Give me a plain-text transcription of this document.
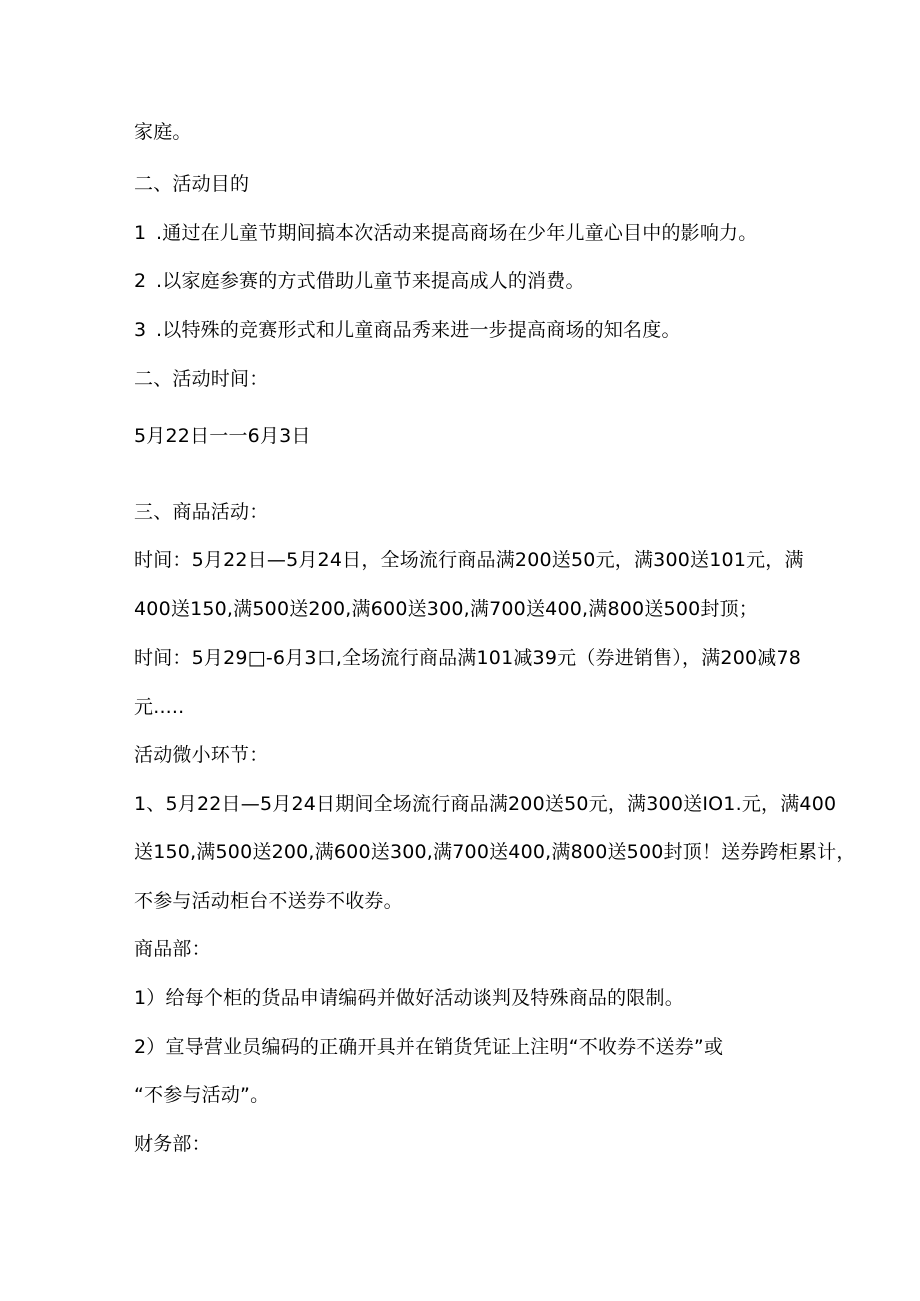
家庭。
二、活动目的
1 .通过在儿童节期间搞本次活动来提高商场在少年儿童心目中的影响力。
2 .以家庭参赛的方式借助儿童节来提高成人的消费。
3 .以特殊的竞赛形式和儿童商品秀来进一步提高商场的知名度。
二、活动时间：
5月22日一一6月3日
三、商品活动：
时间：5月22日—5月24日，全场流行商品满200送50元，满300送101元，满
400送150,满500送200,满600送300,满700送400,满800送500封顶；
时间：5月29□-6月3口,全场流行商品满101减39元（券进销售），满200减78
元.....
活动微小环节：
1、5月22日—5月24日期间全场流行商品满200送50元，满300送IO1.元，满400
送150,满500送200,满600送300,满700送400,满800送500封顶！送券跨柜累计，
不参与活动柜台不送券不收券。
商品部：
1）给每个柜的货品申请编码并做好活动谈判及特殊商品的限制。
2）宣导营业员编码的正确开具并在销货凭证上注明“不收券不送券”或
“不参与活动”。
财务部：
